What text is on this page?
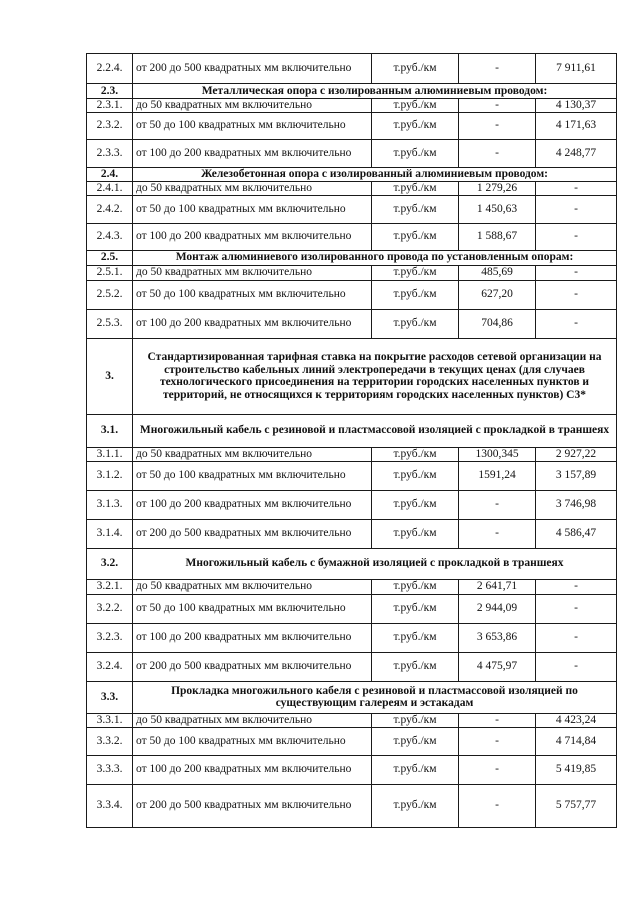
2.2.4.	от 200 до 500 квадратных мм включительно	т.руб./км	-	7 911,61
2.3.	Металлическая опора с изолированным алюминиевым проводом:			
2.3.1.	до 50 квадратных мм включительно	т.руб./км	-	4 130,37
2.3.2.	от 50 до 100 квадратных мм включительно	т.руб./км	-	4 171,63
2.3.3.	от 100 до 200 квадратных мм включительно	т.руб./км	-	4 248,77
2.4.	Железобетонная опора с изолированный алюминиевым проводом:			
2.4.1.	до 50 квадратных мм включительно	т.руб./км	1 279,26	-
2.4.2.	от 50 до 100 квадратных мм включительно	т.руб./км	1 450,63	-
2.4.3.	от 100 до 200 квадратных мм включительно	т.руб./км	1 588,67	-
2.5.	Монтаж алюминиевого изолированного провода по установленным опорам:			
2.5.1.	до 50 квадратных мм включительно	т.руб./км	485,69	-
2.5.2.	от 50 до 100 квадратных мм включительно	т.руб./км	627,20	-
2.5.3.	от 100 до 200 квадратных мм включительно	т.руб./км	704,86	-
3.	Стандартизированная тарифная ставка на покрытие расходов сетевой организации на строительство кабельных линий электропередачи в текущих ценах (для случаев технологического присоединения на территории городских населенных пунктов и территорий, не относящихся к территориям городских населенных пунктов) С3*			
3.1.	Многожильный кабель с резиновой и пластмассовой изоляцией с прокладкой в траншеях			
3.1.1.	до 50 квадратных мм включительно	т.руб./км	1300,345	2 927,22
3.1.2.	от 50 до 100 квадратных мм включительно	т.руб./км	1591,24	3 157,89
3.1.3.	от 100 до 200 квадратных мм включительно	т.руб./км	-	3 746,98
3.1.4.	от 200 до 500 квадратных мм включительно	т.руб./км	-	4 586,47
3.2.	Многожильный кабель с бумажной изоляцией с прокладкой в траншеях			
3.2.1.	до 50 квадратных мм включительно	т.руб./км	2 641,71	-
3.2.2.	от 50 до 100 квадратных мм включительно	т.руб./км	2 944,09	-
3.2.3.	от 100 до 200 квадратных мм включительно	т.руб./км	3 653,86	-
3.2.4.	от 200 до 500 квадратных мм включительно	т.руб./км	4 475,97	-
3.3.	Прокладка многожильного кабеля с резиновой и пластмассовой изоляцией по существующим галереям и эстакадам			
3.3.1.	до 50 квадратных мм включительно	т.руб./км	-	4 423,24
3.3.2.	от 50 до 100 квадратных мм включительно	т.руб./км	-	4 714,84
3.3.3.	от 100 до 200 квадратных мм включительно	т.руб./км	-	5 419,85
3.3.4.	от 200 до 500 квадратных мм включительно	т.руб./км	-	5 757,77
